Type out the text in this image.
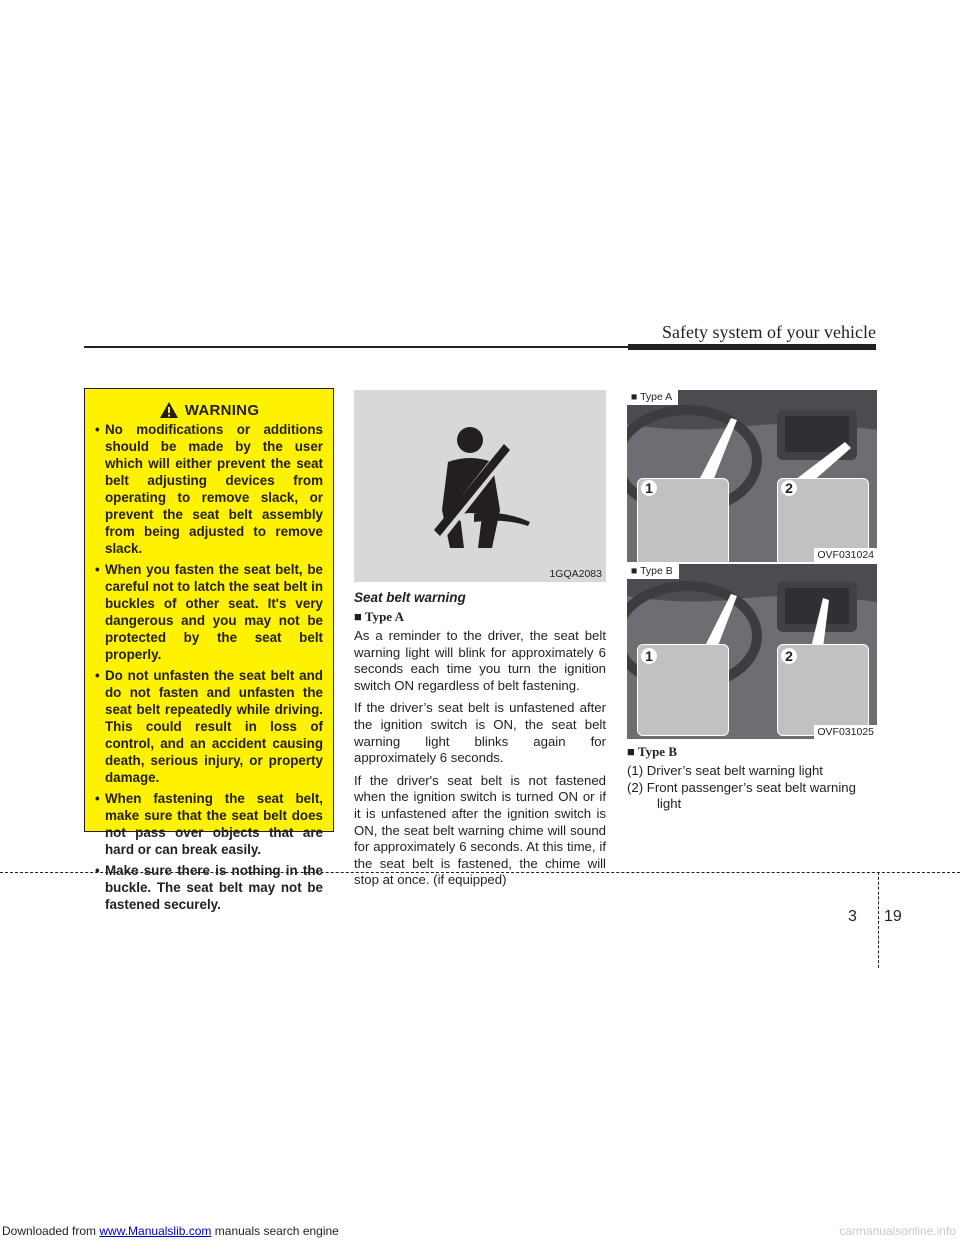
Safety system of your vehicle
WARNING
• No modifications or additions should be made by the user which will either prevent the seat belt adjusting devices from operating to remove slack, or prevent the seat belt assembly from being adjusted to remove slack.
• When you fasten the seat belt, be careful not to latch the seat belt in buckles of other seat. It's very dangerous and you may not be protected by the seat belt properly.
• Do not unfasten the seat belt and do not fasten and unfasten the seat belt repeatedly while driving. This could result in loss of control, and an accident causing death, serious injury, or property damage.
• When fastening the seat belt, make sure that the seat belt does not pass over objects that are hard or can break easily.
• Make sure there is nothing in the buckle. The seat belt may not be fastened securely.
1GQA2083

Seat belt warning

■ Type A

As a reminder to the driver, the seat belt warning light will blink for approximately 6 seconds each time you turn the ignition switch ON regardless of belt fastening.

If the driver’s seat belt is unfastened after the ignition switch is ON, the seat belt warning light blinks again for approximately 6 seconds.

If the driver's seat belt is not fastened when the ignition switch is turned ON or if it is unfastened after the ignition switch is ON, the seat belt warning chime will sound for approximately 6 seconds. At this time, if the seat belt is fastened, the chime will stop at once. (if equipped)

1	2
■ Type A
OVF031024
1	2
■ Type B
OVF031025

■ Type B

(1) Driver’s seat belt warning light

(2) Front passenger’s seat belt warning light

3 19
Downloaded from www.Manualslib.com manuals search engine	carmanualsonline.info
